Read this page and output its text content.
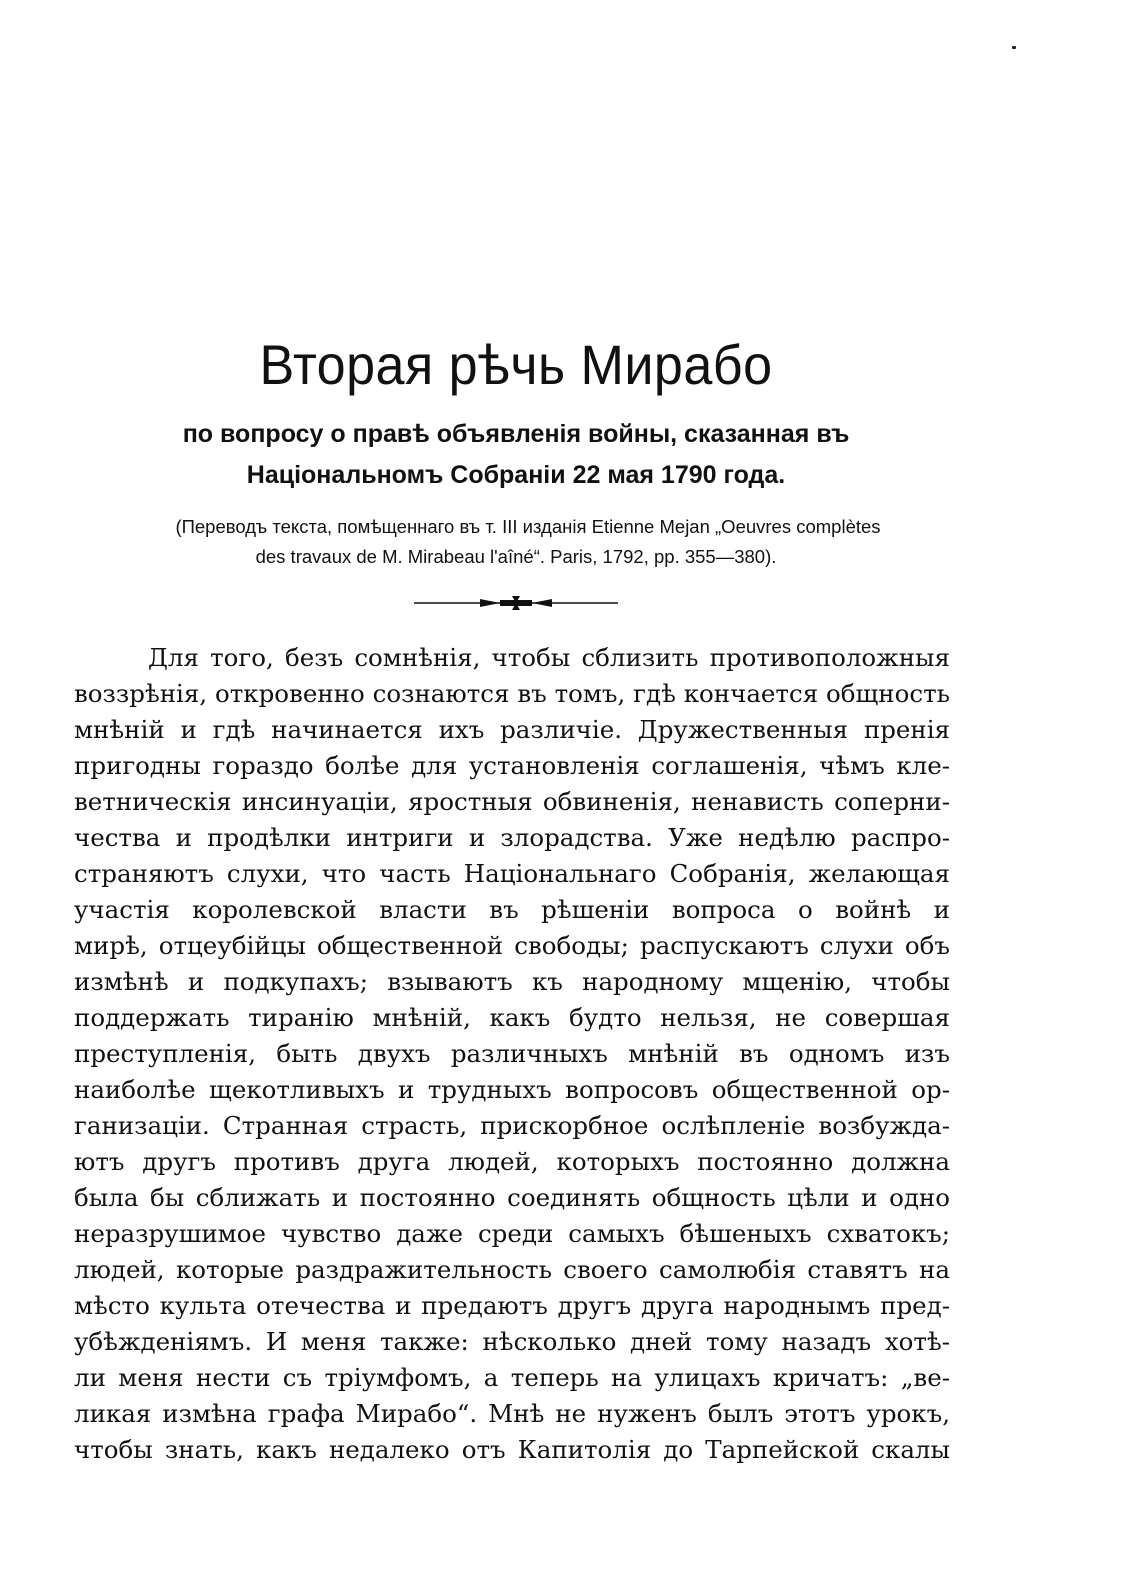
Вторая рѣчь Мирабо

по вопросу о правѣ объявленія войны, сказанная въ

Національномъ Собраніи 22 мая 1790 года.

(Переводъ текста, помѣщеннаго въ т. III изданія Etienne Mejan „Oeuvres complètes

des travaux de M. Mirabeau l'aîné“. Paris, 1792, pp. 355—380).

Для того, безъ сомнѣнія, чтобы сблизить противоположныя
воззрѣнія, откровенно сознаются въ томъ, гдѣ кончается общность
мнѣній и гдѣ начинается ихъ различіе. Дружественныя пренія
пригодны гораздо болѣе для установленія соглашенія, чѣмъ кле-
ветническія инсинуаціи, яростныя обвиненія, ненависть соперни-
чества и продѣлки интриги и злорадства. Уже недѣлю распро-
страняютъ слухи, что часть Національнаго Собранія, желающая
участія королевской власти въ рѣшеніи вопроса о войнѣ и
мирѣ, отцеубійцы общественной свободы; распускаютъ слухи объ
измѣнѣ и подкупахъ; взываютъ къ народному мщенію, чтобы
поддержать тиранію мнѣній, какъ будто нельзя, не совершая
преступленія, быть двухъ различныхъ мнѣній въ одномъ изъ
наиболѣе щекотливыхъ и трудныхъ вопросовъ общественной ор-
ганизаціи. Странная страсть, прискорбное ослѣпленіе возбужда-
ютъ другъ противъ друга людей, которыхъ постоянно должна
была бы сближать и постоянно соединять общность цѣли и одно
неразрушимое чувство даже среди самыхъ бѣшеныхъ схватокъ;
людей, которые раздражительность своего самолюбія ставятъ на
мѣсто культа отечества и предаютъ другъ друга народнымъ пред-
убѣжденіямъ. И меня также: нѣсколько дней тому назадъ хотѣ-
ли меня нести съ тріумфомъ, а теперь на улицахъ кричатъ: „ве-
ликая измѣна графа Мирабо“. Мнѣ не нуженъ былъ этотъ урокъ,
чтобы знать, какъ недалеко отъ Капитолія до Тарпейской скалы
